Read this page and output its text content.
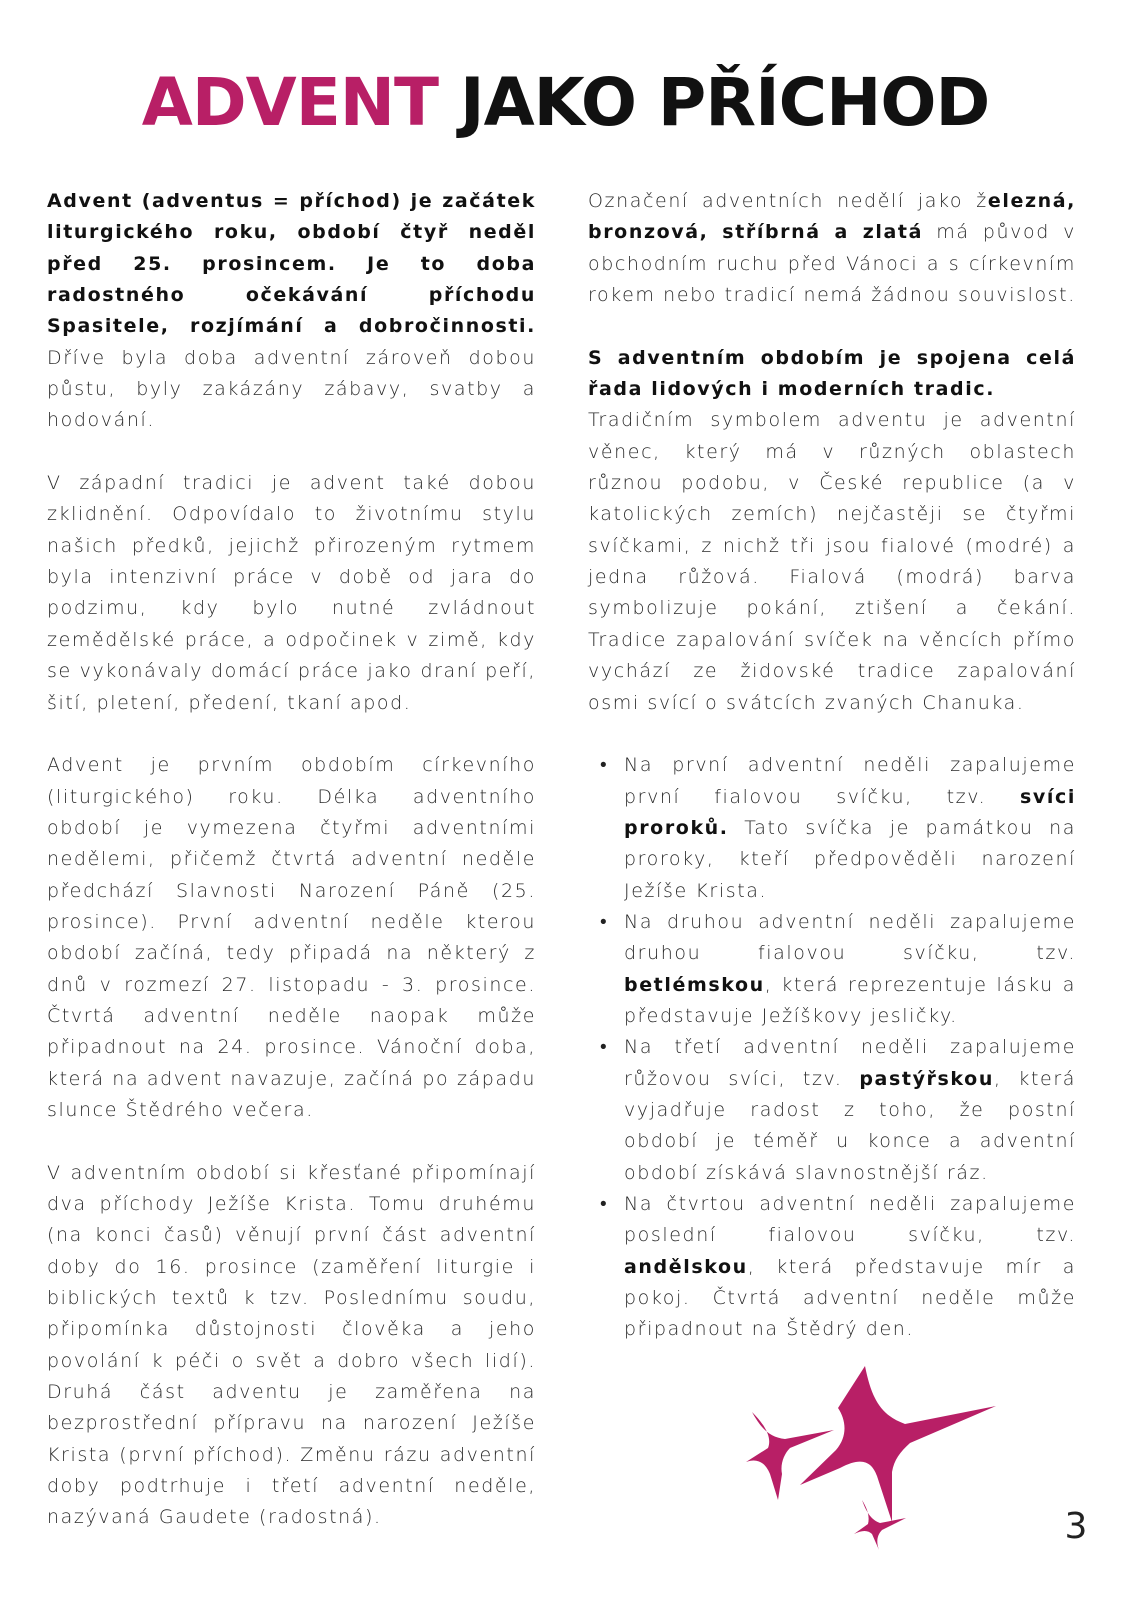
ADVENT JAKO PŘÍCHOD

Advent (adventus = příchod) je začátek liturgického roku, období čtyř neděl před 25. prosincem. Je to doba radostného očekávání příchodu Spasitele, rozjímání a dobročinnosti. Dříve byla doba adventní zároveň dobou půstu, byly zakázány zábavy, svatby a hodování.

V západní tradici je advent také dobou zklidnění. Odpovídalo to životnímu stylu našich předků, jejichž přirozeným rytmem byla intenzivní práce v době od jara do podzimu, kdy bylo nutné zvládnout zemědělské práce, a odpočinek v zimě, kdy se vykonávaly domácí práce jako draní peří, šití, pletení, předení, tkaní apod.

Advent je prvním obdobím církevního (liturgického) roku. Délka adventního období je vymezena čtyřmi adventními nedělemi, přičemž čtvrtá adventní neděle předchází Slavnosti Narození Páně (25. prosince). První adventní neděle kterou období začíná, tedy připadá na některý z dnů v rozmezí 27. listopadu - 3. prosince. Čtvrtá adventní neděle naopak může připadnout na 24. prosince. Vánoční doba, která na advent navazuje, začíná po západu slunce Štědrého večera.

V adventním období si křesťané připomínají dva příchody Ježíše Krista. Tomu druhému (na konci časů) věnují první část adventní doby do 16. prosince (zaměření liturgie i biblických textů k tzv. Poslednímu soudu, připomínka důstojnosti člověka a jeho povolání k péči o svět a dobro všech lidí). Druhá část adventu je zaměřena na bezprostřední přípravu na narození Ježíše Krista (první příchod). Změnu rázu adventní doby podtrhuje i třetí adventní neděle, nazývaná Gaudete (radostná).

Označení adventních nedělí jako železná, bronzová, stříbrná a zlatá má původ v obchodním ruchu před Vánoci a s církevním rokem nebo tradicí nemá žádnou souvislost.

S adventním obdobím je spojena celá řada lidových i moderních tradic.

Tradičním symbolem adventu je adventní věnec, který má v různých oblastech různou podobu, v České republice (a v katolických zemích) nejčastěji se čtyřmi svíčkami, z nichž tři jsou fialové (modré) a jedna růžová. Fialová (modrá) barva symbolizuje pokání, ztišení a čekání. Tradice zapalování svíček na věncích přímo vychází ze židovské tradice zapalování osmi svící o svátcích zvaných Chanuka.

• Na první adventní neděli zapalujeme první fialovou svíčku, tzv. svíci proroků. Tato svíčka je památkou na proroky, kteří předpověděli narození Ježíše Krista.
• Na druhou adventní neděli zapalujeme druhou fialovou svíčku, tzv. betlémskou, která reprezentuje lásku a představuje Ježíškovy jesličky.
• Na třetí adventní neděli zapalujeme růžovou svíci, tzv. pastýřskou, která vyjadřuje radost z toho, že postní období je téměř u konce a adventní období získává slavnostnější ráz.
• Na čtvrtou adventní neděli zapalujeme poslední fialovou svíčku, tzv. andělskou, která představuje mír a pokoj. Čtvrtá adventní neděle může připadnout na Štědrý den.
3
